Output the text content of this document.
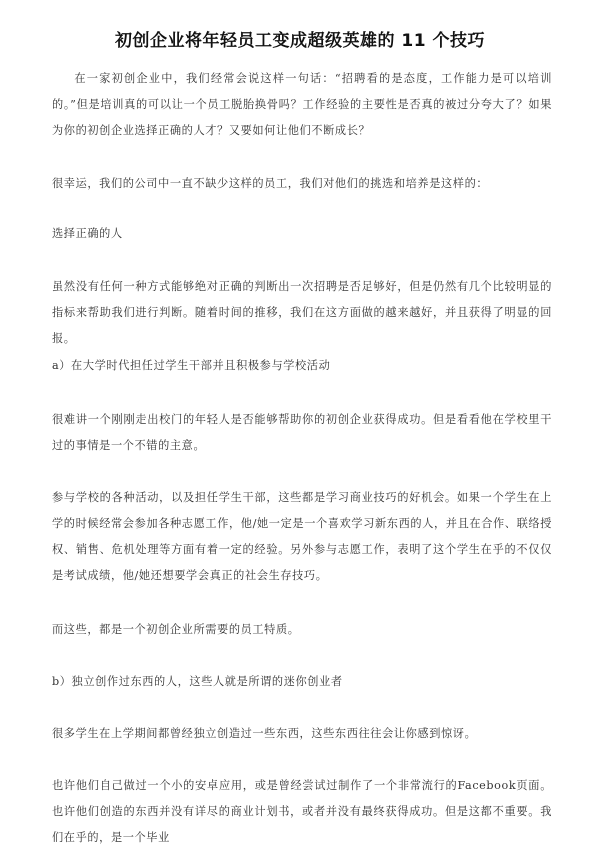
初创企业将年轻员工变成超级英雄的 11 个技巧

在一家初创企业中，我们经常会说这样一句话：“招聘看的是态度，工作能力是可以培训的。”但是培训真的可以让一个员工脱胎换骨吗？工作经验的主要性是否真的被过分夸大了？如果为你的初创企业选择正确的人才？又要如何让他们不断成长？

很幸运，我们的公司中一直不缺少这样的员工，我们对他们的挑选和培养是这样的：

选择正确的人

虽然没有任何一种方式能够绝对正确的判断出一次招聘是否足够好，但是仍然有几个比较明显的指标来帮助我们进行判断。随着时间的推移，我们在这方面做的越来越好，并且获得了明显的回报。

a）在大学时代担任过学生干部并且积极参与学校活动

很难讲一个刚刚走出校门的年轻人是否能够帮助你的初创企业获得成功。但是看看他在学校里干过的事情是一个不错的主意。

参与学校的各种活动，以及担任学生干部，这些都是学习商业技巧的好机会。如果一个学生在上学的时候经常会参加各种志愿工作，他/她一定是一个喜欢学习新东西的人，并且在合作、联络授权、销售、危机处理等方面有着一定的经验。另外参与志愿工作，表明了这个学生在乎的不仅仅是考试成绩，他/她还想要学会真正的社会生存技巧。

而这些，都是一个初创企业所需要的员工特质。

b）独立创作过东西的人，这些人就是所谓的迷你创业者

很多学生在上学期间都曾经独立创造过一些东西，这些东西往往会让你感到惊讶。

也许他们自己做过一个小的安卓应用，或是曾经尝试过制作了一个非常流行的Facebook页面。也许他们创造的东西并没有详尽的商业计划书，或者并没有最终获得成功。但是这都不重要。我们在乎的，是一个毕业
